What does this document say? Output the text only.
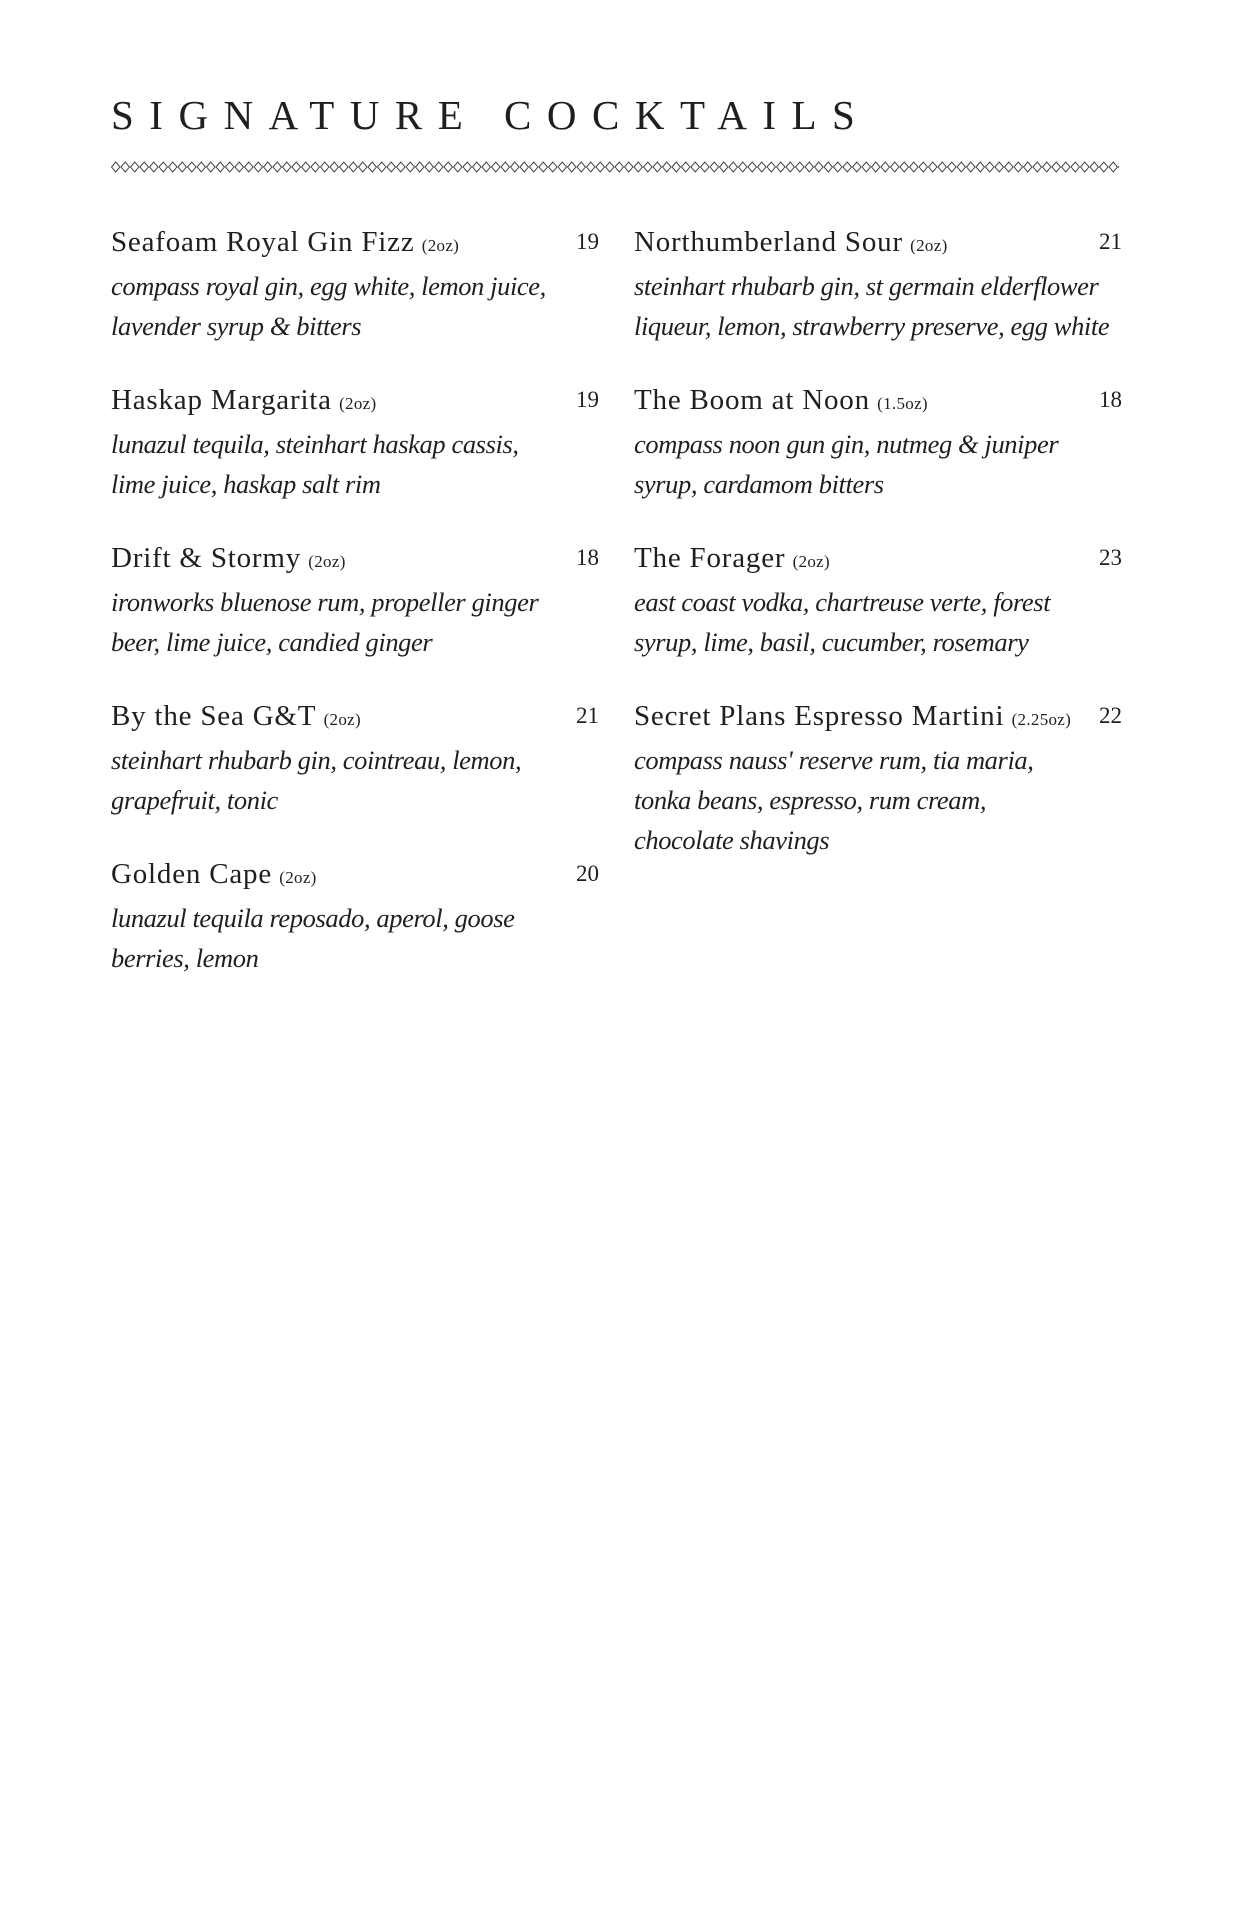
SIGNATURE COCKTAILS
Seafoam Royal Gin Fizz (2oz)	19
compass royal gin, egg white, lemon juice,
lavender syrup & bitters
Haskap Margarita (2oz)	19
lunazul tequila, steinhart haskap cassis,
lime juice, haskap salt rim
Drift & Stormy (2oz)	18
ironworks bluenose rum, propeller ginger
beer, lime juice, candied ginger
By the Sea G&T (2oz)	21
steinhart rhubarb gin, cointreau, lemon,
grapefruit, tonic
Golden Cape (2oz)	20
lunazul tequila reposado, aperol, goose
berries, lemon
Northumberland Sour (2oz)	21
steinhart rhubarb gin, st germain elderflower
liqueur, lemon, strawberry preserve, egg white
The Boom at Noon (1.5oz)	18
compass noon gun gin, nutmeg & juniper
syrup, cardamom bitters
The Forager (2oz)	23
east coast vodka, chartreuse verte, forest
syrup, lime, basil, cucumber, rosemary
Secret Plans Espresso Martini (2.25oz) 22
compass nauss' reserve rum, tia maria,
tonka beans, espresso, rum cream,
chocolate shavings
